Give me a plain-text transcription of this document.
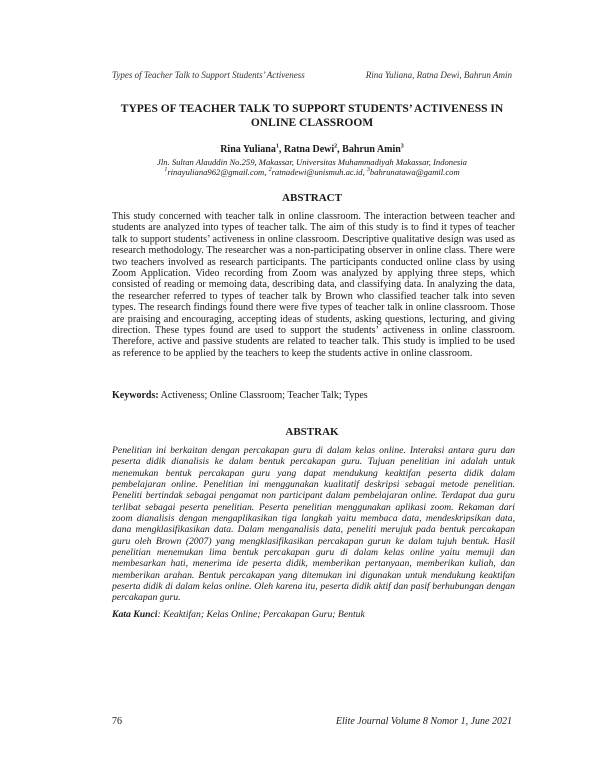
Types of Teacher Talk to Support Students’ Activeness	Rina Yuliana, Ratna Dewi, Bahrun Amin
TYPES OF TEACHER TALK TO SUPPORT STUDENTS’ ACTIVENESS IN
ONLINE CLASSROOM
Rina Yuliana$^1$, Ratna Dewi$^2$, Bahrun Amin$^3$
Jln. Sultan Alauddin No.259, Makassar, Universitas Muhammadiyah Makassar, Indonesia
$^1$rinayuliana962@gmail.com, $^2$ratnadewi@unismuh.ac.id, $^3$bahrunatawa@gamil.com
ABSTRACT
This study concerned with teacher talk in online classroom. The interaction between teacher and students are analyzed into types of teacher talk. The aim of this study is to find it types of teacher talk to support students’ activeness in online classroom. Descriptive qualitative design was used as research methodology. The researcher was a non-participating observer in online class. There were two teachers involved as research participants. The participants conducted online class by using Zoom Application. Video recording from Zoom was analyzed by applying three steps, which consisted of reading or memoing data, describing data, and classifying data. In analyzing the data, the researcher referred to types of teacher talk by Brown who classified teacher talk into seven types. The research findings found there were five types of teacher talk in online classroom. Those are praising and encouraging, accepting ideas of students, asking questions, lecturing, and giving direction. These types found are used to support the students’ activeness in online classroom. Therefore, active and passive students are related to teacher talk. This study is implied to be used as reference to be applied by the teachers to keep the students active in online classroom.
Keywords: Activeness; Online Classroom; Teacher Talk; Types
ABSTRAK
Penelitian ini berkaitan dengan percakapan guru di dalam kelas online. Interaksi antara guru dan peserta didik dianalisis ke dalam bentuk percakapan guru. Tujuan penelitian ini adalah untuk menemukan bentuk percakapan guru yang dapat mendukung keaktifan peserta didik dalam pembelajaran online. Penelitian ini menggunakan kualitatif deskripsi sebagai metode penelitian. Peneliti bertindak sebagai pengamat non participant dalam pembelajaran online. Terdapat dua guru terlibat sebagai peserta penelitian. Peserta penelitian menggunakan aplikasi zoom. Rekaman dari zoom dianalisis dengan mengaplikasikan tiga langkah yaitu membaca data, mendeskripsikan data, dana mengklasifikasikan data. Dalam menganalisis data, peneliti merujuk pada bentuk percakapan guru oleh Brown (2007) yang mengklasifikasikan percakapan gurun ke dalam tujuh bentuk. Hasil penelitian menemukan lima bentuk percakapan guru di dalam kelas online yaitu memuji dan membesarkan hati, menerima ide peserta didik, memberikan pertanyaan, memberikan kuliah, dan memberikan arahan. Bentuk percakapan yang ditemukan ini digunakan untuk mendukung keaktifan peserta didik di dalam kelas online. Oleh karena itu, peserta didik aktif dan pasif berhubungan dengan percakapan guru.
Kata Kunci: Keaktifan; Kelas Online; Percakapan Guru; Bentuk
76	Elite Journal Volume 8 Nomor 1, June 2021
